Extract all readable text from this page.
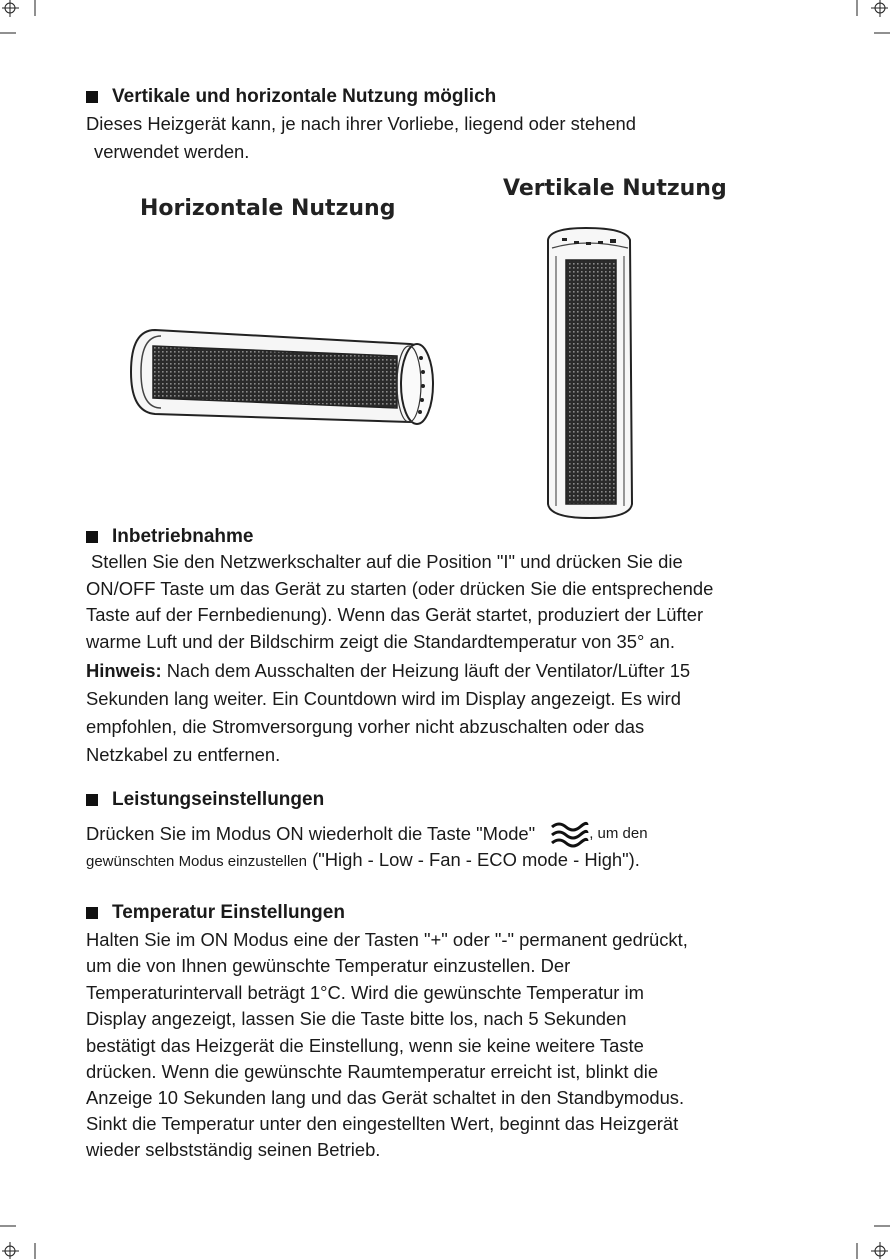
Vertikale und horizontale Nutzung möglich
Dieses Heizgerät kann, je nach ihrer Vorliebe, liegend oder stehend
verwendet werden.
Horizontale Nutzung
Vertikale Nutzung
Inbetriebnahme
Stellen Sie den Netzwerkschalter auf die Position "I" und drücken Sie die
ON/OFF Taste um das Gerät zu starten (oder drücken Sie die entsprechende
Taste auf der Fernbedienung). Wenn das Gerät startet, produziert der Lüfter
warme Luft und der Bildschirm zeigt die Standardtemperatur von 35° an.
Hinweis: Nach dem Ausschalten der Heizung läuft der Ventilator/Lüfter 15
Sekunden lang weiter. Ein Countdown wird im Display angezeigt. Es wird
empfohlen, die Stromversorgung vorher nicht abzuschalten oder das
Netzkabel zu entfernen.
Leistungseinstellungen
Drücken Sie im Modus ON wiederholt die Taste "Mode"	, um den
gewünschten Modus einzustellen ("High - Low - Fan - ECO mode - High").
Temperatur Einstellungen
Halten Sie im ON Modus eine der Tasten "+" oder "-" permanent gedrückt,
um die von Ihnen gewünschte Temperatur einzustellen. Der
Temperaturintervall beträgt 1°C. Wird die gewünschte Temperatur im
Display angezeigt, lassen Sie die Taste bitte los, nach 5 Sekunden
bestätigt das Heizgerät die Einstellung, wenn sie keine weitere Taste
drücken. Wenn die gewünschte Raumtemperatur erreicht ist, blinkt die
Anzeige 10 Sekunden lang und das Gerät schaltet in den Standbymodus.
Sinkt die Temperatur unter den eingestellten Wert, beginnt das Heizgerät
wieder selbstständig seinen Betrieb.
